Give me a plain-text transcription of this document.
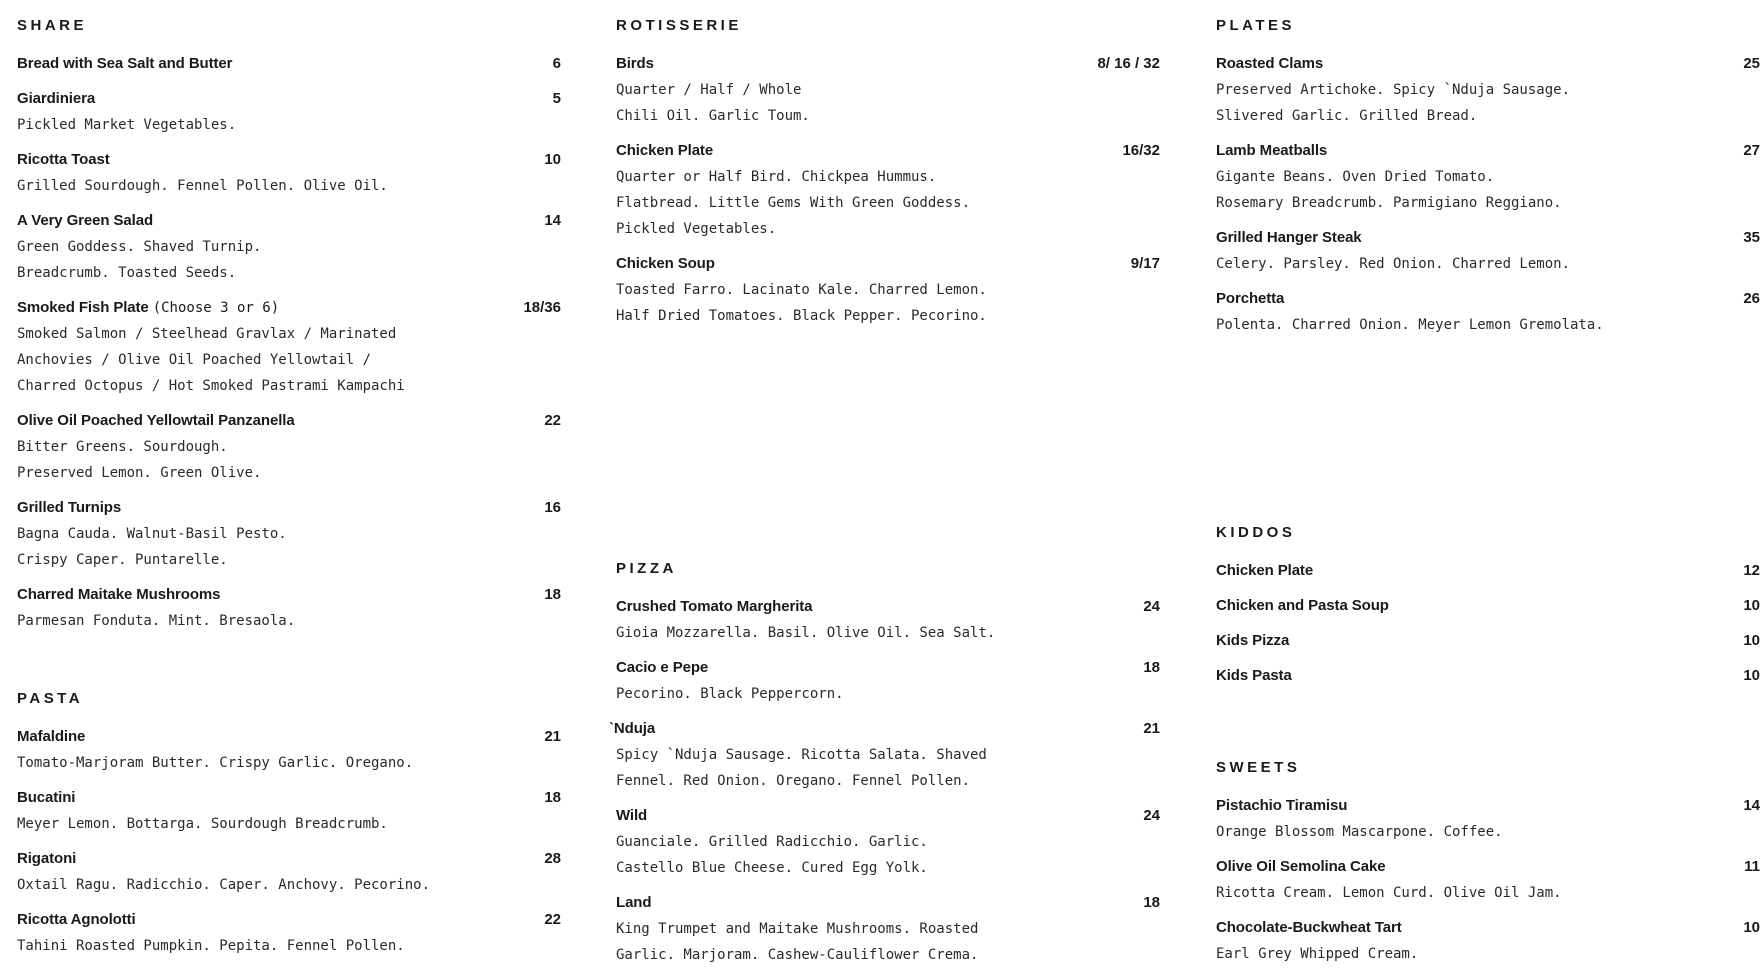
SHARE
Bread with Sea Salt and Butter	6
Giardiniera	5
Pickled Market Vegetables.
Ricotta Toast	10
Grilled Sourdough. Fennel Pollen. Olive Oil.
A Very Green Salad	14
Green Goddess. Shaved Turnip.
Breadcrumb. Toasted Seeds.
Smoked Fish Plate (Choose 3 or 6)	18/36
Smoked Salmon / Steelhead Gravlax / Marinated
Anchovies / Olive Oil Poached Yellowtail /
Charred Octopus / Hot Smoked Pastrami Kampachi
Olive Oil Poached Yellowtail Panzanella	22
Bitter Greens. Sourdough.
Preserved Lemon. Green Olive.
Grilled Turnips	16
Bagna Cauda. Walnut-Basil Pesto.
Crispy Caper. Puntarelle.
Charred Maitake Mushrooms	18
Parmesan Fonduta. Mint. Bresaola.
PASTA
Mafaldine	21
Tomato-Marjoram Butter. Crispy Garlic. Oregano.
Bucatini	18
Meyer Lemon. Bottarga. Sourdough Breadcrumb.
Rigatoni	28
Oxtail Ragu. Radicchio. Caper. Anchovy. Pecorino.
Ricotta Agnolotti	22
Tahini Roasted Pumpkin. Pepita. Fennel Pollen.
ROTISSERIE
Birds	8/ 16 / 32
Quarter / Half / Whole
Chili Oil. Garlic Toum.
Chicken Plate	16/32
Quarter or Half Bird. Chickpea Hummus.
Flatbread. Little Gems With Green Goddess.
Pickled Vegetables.
Chicken Soup	9/17
Toasted Farro. Lacinato Kale. Charred Lemon.
Half Dried Tomatoes. Black Pepper. Pecorino.
PIZZA
Crushed Tomato Margherita	24
Gioia Mozzarella. Basil. Olive Oil. Sea Salt.
Cacio e Pepe	18
Pecorino. Black Peppercorn.
`Nduja	21
Spicy `Nduja Sausage. Ricotta Salata. Shaved
Fennel. Red Onion. Oregano. Fennel Pollen.
Wild	24
Guanciale. Grilled Radicchio. Garlic.
Castello Blue Cheese. Cured Egg Yolk.
Land	18
King Trumpet and Maitake Mushrooms. Roasted
Garlic. Marjoram. Cashew-Cauliflower Crema.
PLATES
Roasted Clams	25
Preserved Artichoke. Spicy `Nduja Sausage.
Slivered Garlic. Grilled Bread.
Lamb Meatballs	27
Gigante Beans. Oven Dried Tomato.
Rosemary Breadcrumb. Parmigiano Reggiano.
Grilled Hanger Steak	35
Celery. Parsley. Red Onion. Charred Lemon.
Porchetta	26
Polenta. Charred Onion. Meyer Lemon Gremolata.
KIDDOS
Chicken Plate	12
Chicken and Pasta Soup	10
Kids Pizza	10
Kids Pasta	10
SWEETS
Pistachio Tiramisu	14
Orange Blossom Mascarpone. Coffee.
Olive Oil Semolina Cake	11
Ricotta Cream. Lemon Curd. Olive Oil Jam.
Chocolate-Buckwheat Tart	10
Earl Grey Whipped Cream.
